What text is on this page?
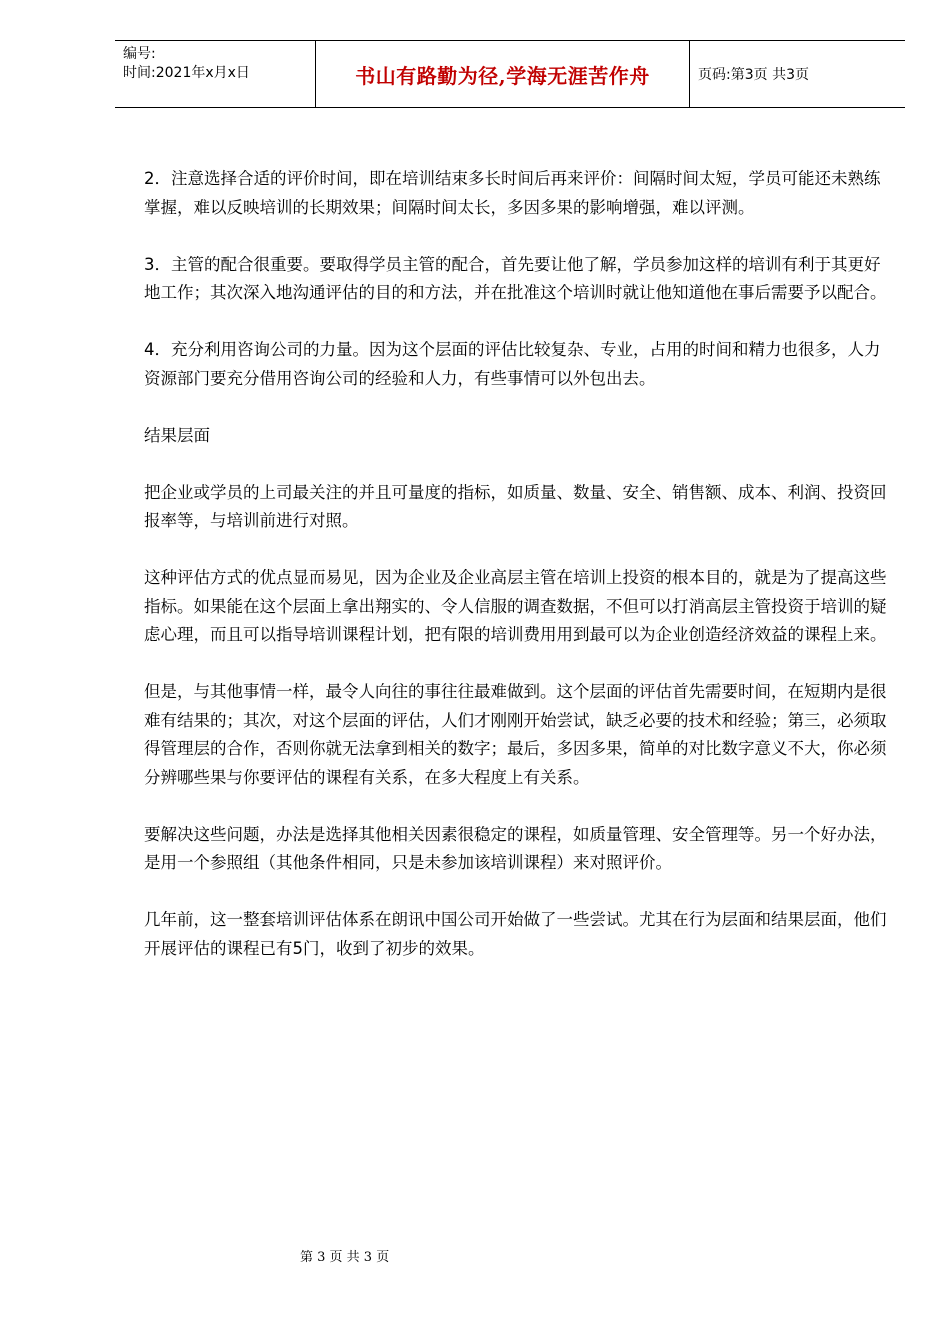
编号:
时间:2021年x月x日	书山有路勤为径,学海无涯苦作舟	页码:第3页 共3页

2．注意选择合适的评价时间，即在培训结束多长时间后再来评价：间隔时间太短，学员可能还未熟练掌握，难以反映培训的长期效果；间隔时间太长，多因多果的影响增强，难以评测。

3．主管的配合很重要。要取得学员主管的配合，首先要让他了解，学员参加这样的培训有利于其更好地工作；其次深入地沟通评估的目的和方法，并在批准这个培训时就让他知道他在事后需要予以配合。

4．充分利用咨询公司的力量。因为这个层面的评估比较复杂、专业，占用的时间和精力也很多，人力资源部门要充分借用咨询公司的经验和人力，有些事情可以外包出去。

结果层面

把企业或学员的上司最关注的并且可量度的指标，如质量、数量、安全、销售额、成本、利润、投资回报率等，与培训前进行对照。

这种评估方式的优点显而易见，因为企业及企业高层主管在培训上投资的根本目的，就是为了提高这些指标。如果能在这个层面上拿出翔实的、令人信服的调查数据，不但可以打消高层主管投资于培训的疑虑心理，而且可以指导培训课程计划，把有限的培训费用用到最可以为企业创造经济效益的课程上来。

但是，与其他事情一样，最令人向往的事往往最难做到。这个层面的评估首先需要时间，在短期内是很难有结果的；其次，对这个层面的评估，人们才刚刚开始尝试，缺乏必要的技术和经验；第三，必须取得管理层的合作，否则你就无法拿到相关的数字；最后，多因多果，简单的对比数字意义不大，你必须分辨哪些果与你要评估的课程有关系，在多大程度上有关系。

要解决这些问题，办法是选择其他相关因素很稳定的课程，如质量管理、安全管理等。另一个好办法，是用一个参照组（其他条件相同，只是未参加该培训课程）来对照评价。

几年前，这一整套培训评估体系在朗讯中国公司开始做了一些尝试。尤其在行为层面和结果层面，他们开展评估的课程已有5门，收到了初步的效果。

第 3 页 共 3 页
